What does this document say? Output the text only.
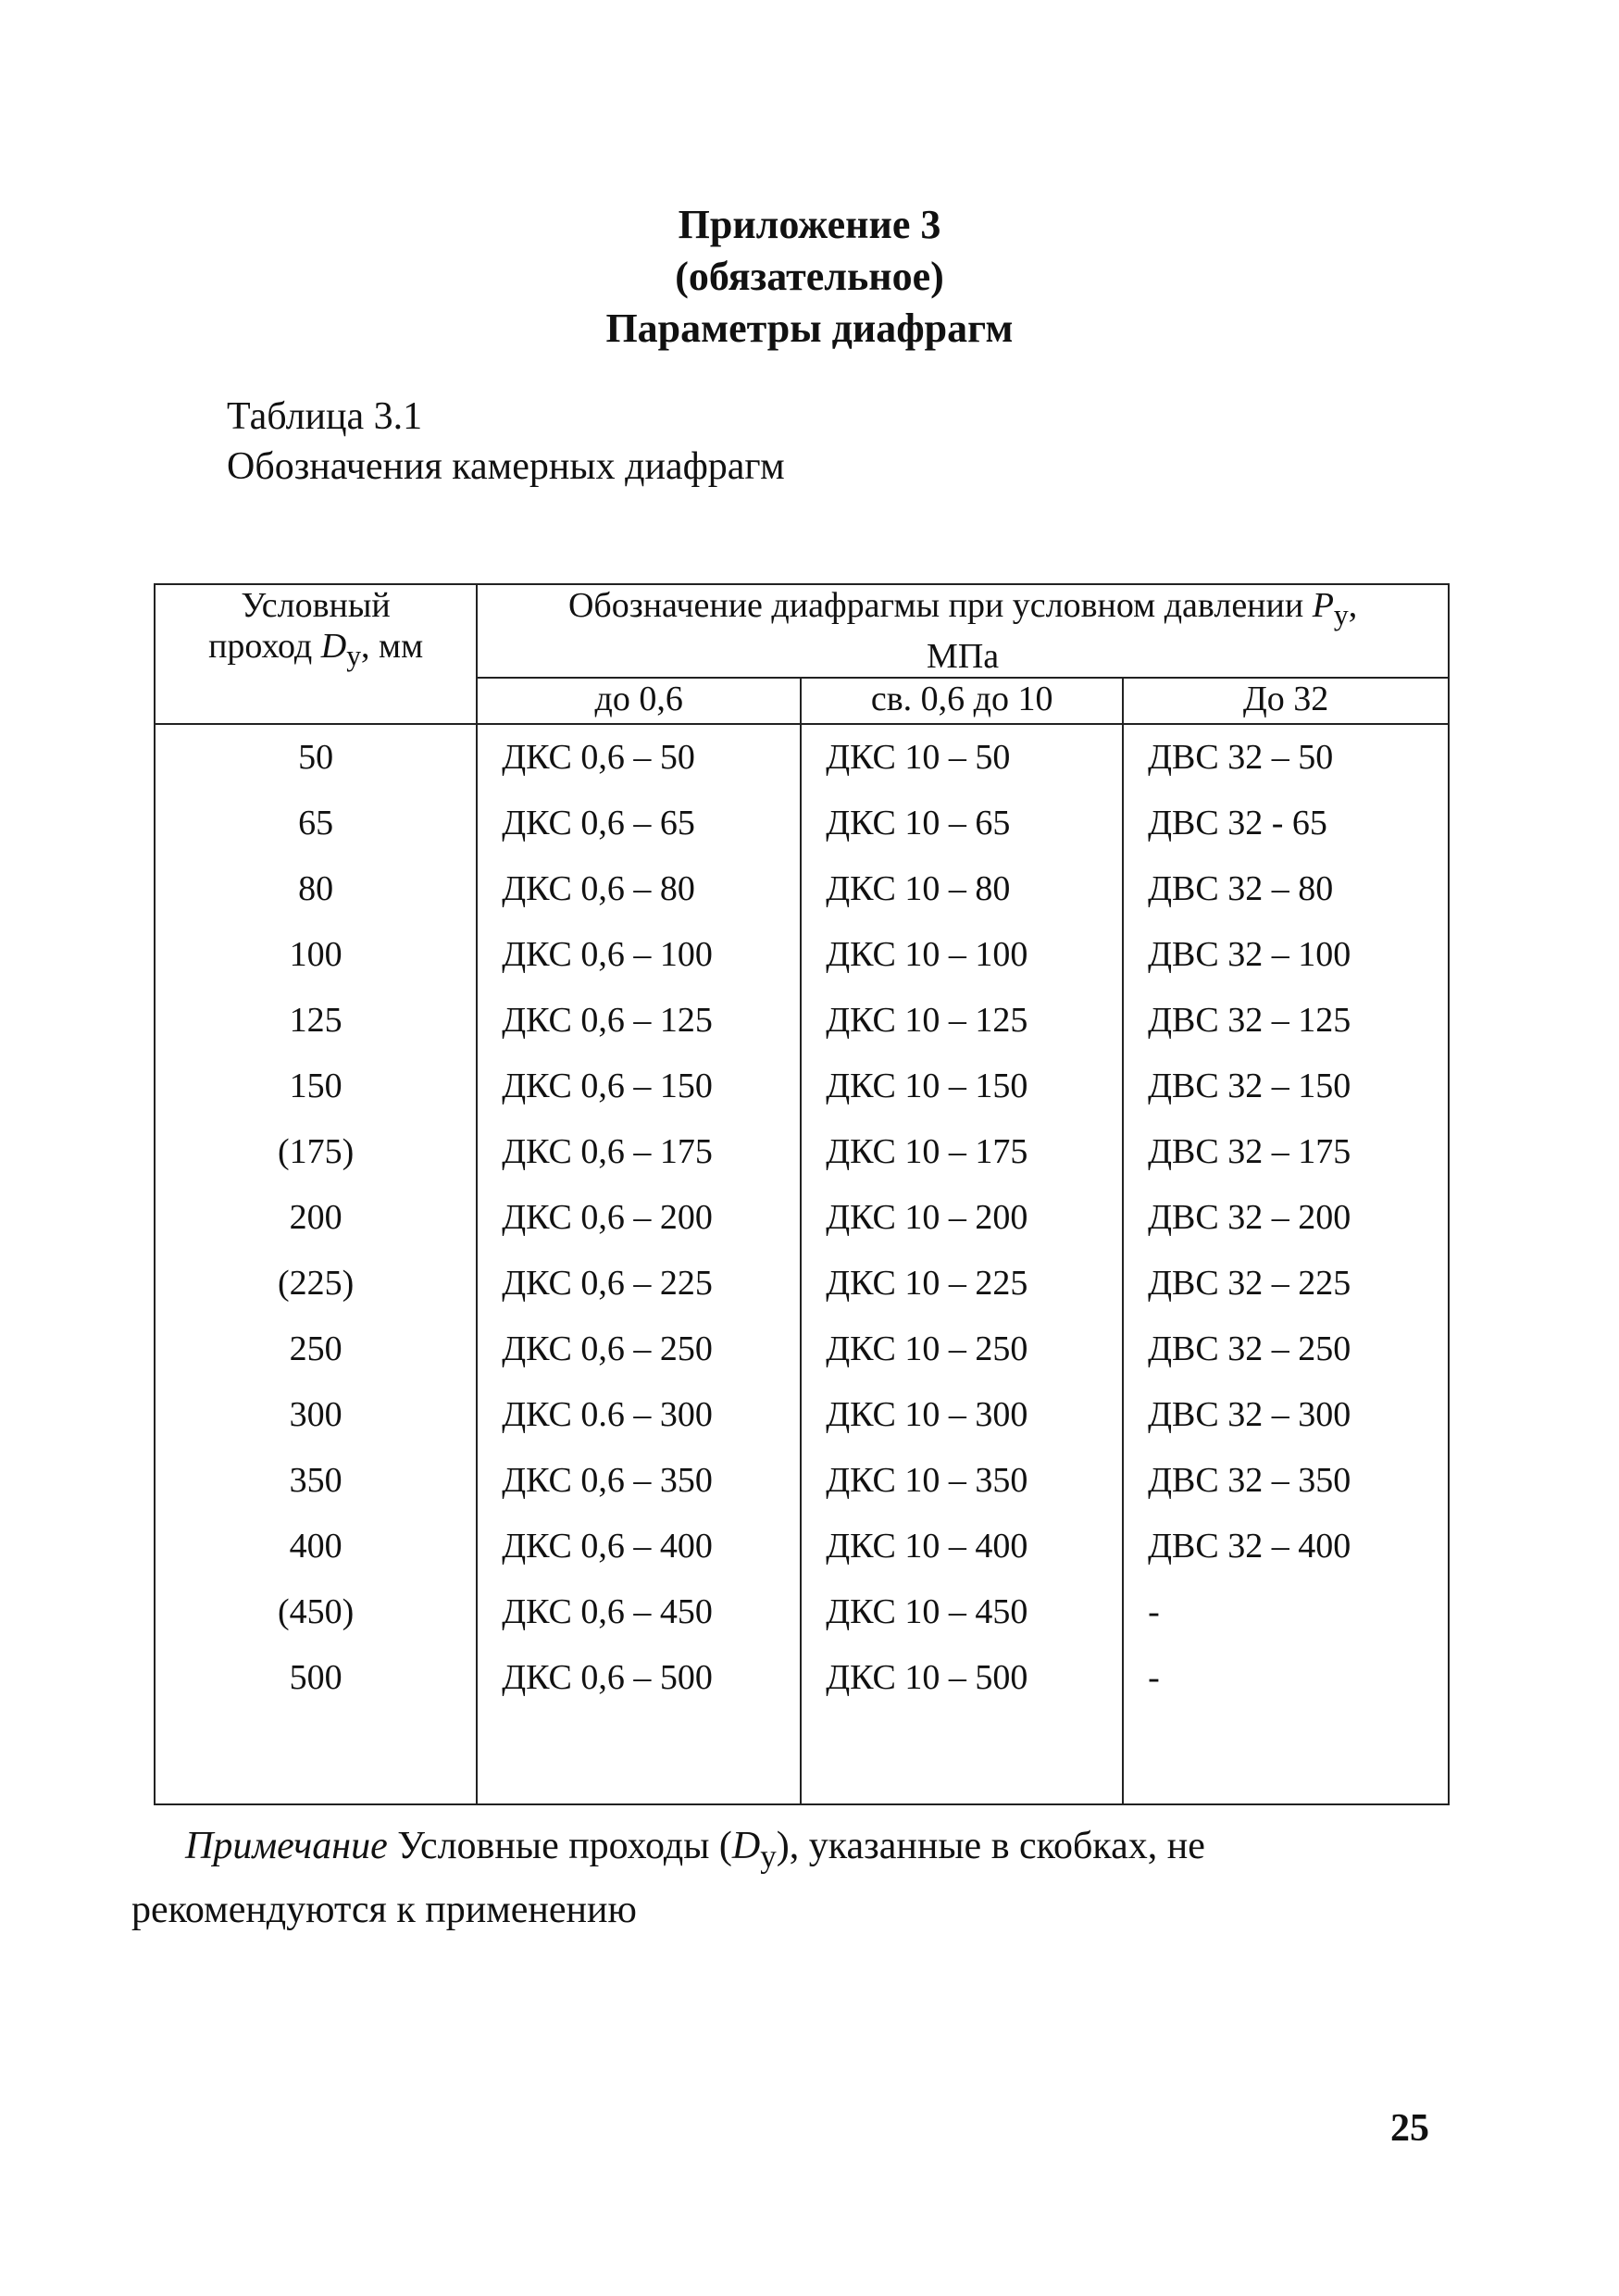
Приложение 3
(обязательное)
Параметры диафрагм
Таблица 3.1
Обозначения камерных диафрагм
Условный
проход $D_у$, мм	Обозначение диафрагмы при условном давлении $P_у$,
МПа		
	до 0,6	св. 0,6 до 10	До 32
50	ДКС 0,6 – 50	ДКС 10 – 50	ДВС 32 – 50
65	ДКС 0,6 – 65	ДКС 10 – 65	ДВС 32 - 65
80	ДКС 0,6 – 80	ДКС 10 – 80	ДВС 32 – 80
100	ДКС 0,6 – 100	ДКС 10 – 100	ДВС 32 – 100
125	ДКС 0,6 – 125	ДКС 10 – 125	ДВС 32 – 125
150	ДКС 0,6 – 150	ДКС 10 – 150	ДВС 32 – 150
(175)	ДКС 0,6 – 175	ДКС 10 – 175	ДВС 32 – 175
200	ДКС 0,6 – 200	ДКС 10 – 200	ДВС 32 – 200
(225)	ДКС 0,6 – 225	ДКС 10 – 225	ДВС 32 – 225
250	ДКС 0,6 – 250	ДКС 10 – 250	ДВС 32 – 250
300	ДКС 0.6 – 300	ДКС 10 – 300	ДВС 32 – 300
350	ДКС 0,6 – 350	ДКС 10 – 350	ДВС 32 – 350
400	ДКС 0,6 – 400	ДКС 10 – 400	ДВС 32 – 400
(450)	ДКС 0,6 – 450	ДКС 10 – 450	-
500	ДКС 0,6 – 500	ДКС 10 – 500	-

Примечание Условные проходы $(D_у)$, указанные в скобках, не
рекомендуются к применению
25
